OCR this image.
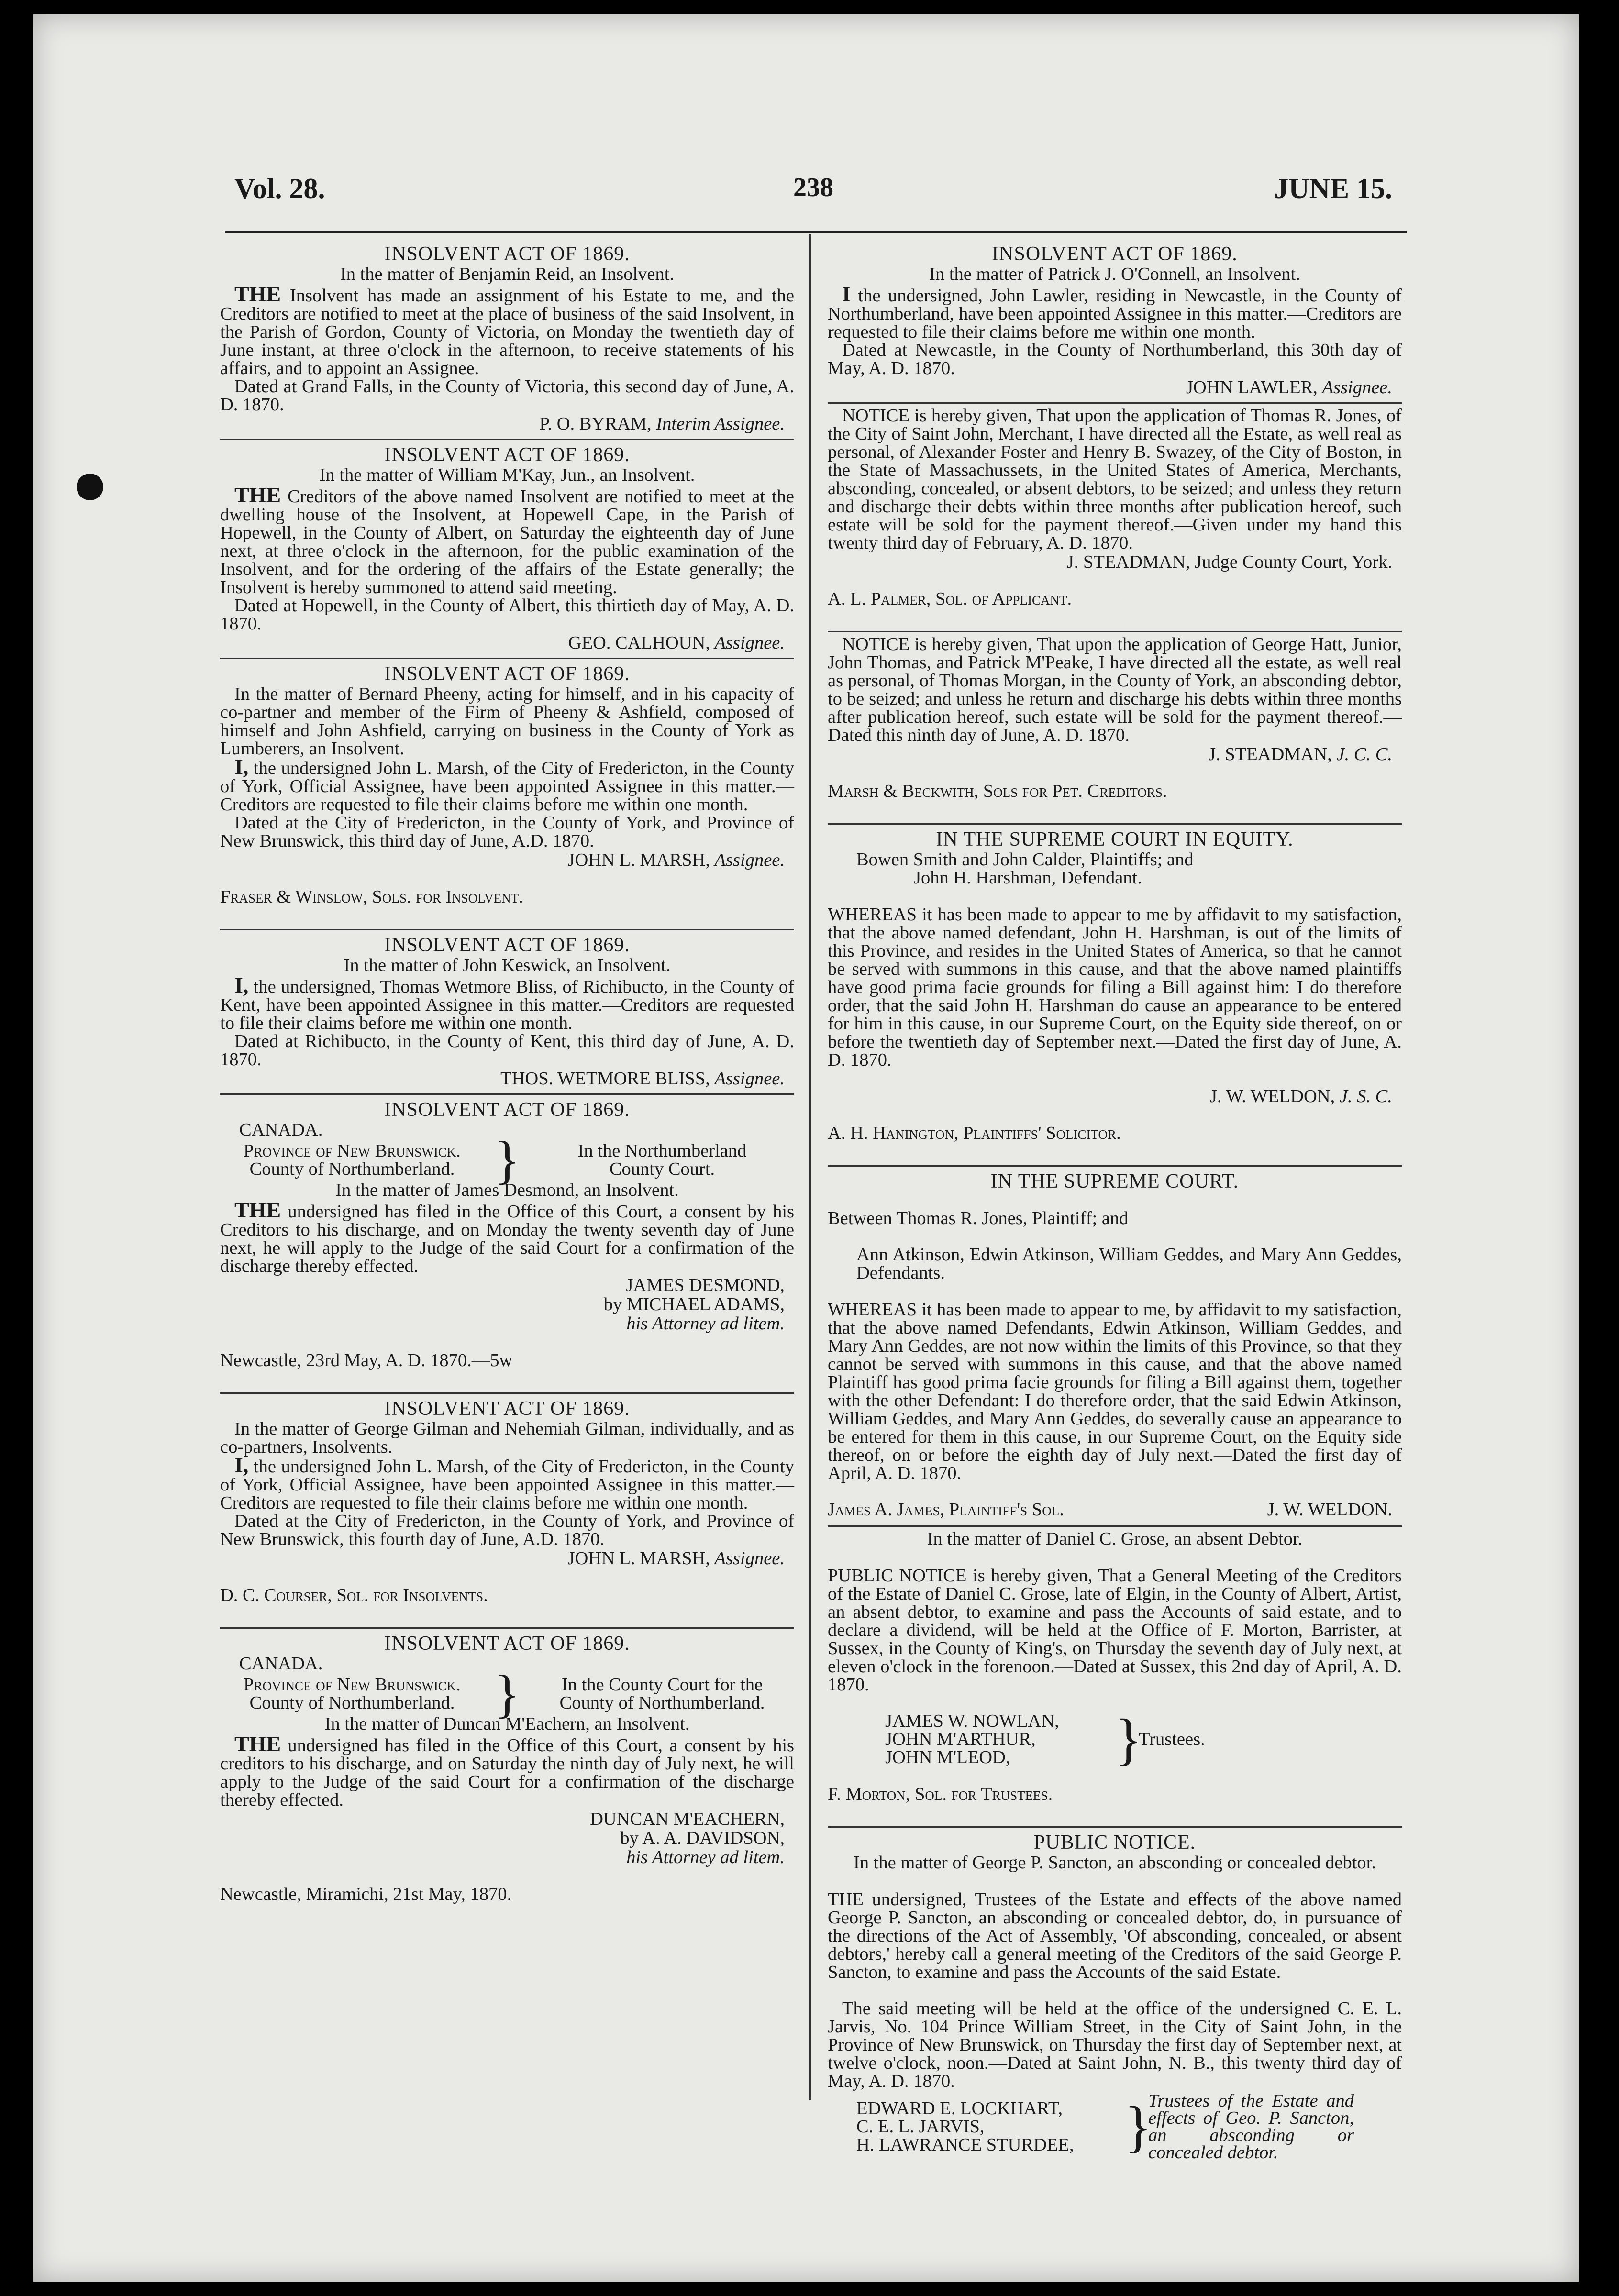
Vol. 28.	238	JUNE 15.
INSOLVENT ACT OF 1869.
In the matter of Benjamin Reid, an Insolvent.

THE Insolvent has made an assignment of his Estate to me, and the Creditors are notified to meet at the place of business of the said Insolvent, in the Parish of Gordon, County of Victoria, on Monday the twentieth day of June instant, at three o'clock in the afternoon, to receive statements of his affairs, and to appoint an Assignee.

Dated at Grand Falls, in the County of Victoria, this second day of June, A. D. 1870.

P. O. BYRAM, Interim Assignee.

INSOLVENT ACT OF 1869.
In the matter of William M'Kay, Jun., an Insolvent.

THE Creditors of the above named Insolvent are notified to meet at the dwelling house of the Insolvent, at Hopewell Cape, in the Parish of Hopewell, in the County of Albert, on Saturday the eighteenth day of June next, at three o'clock in the afternoon, for the public examination of the Insolvent, and for the ordering of the affairs of the Estate generally; the Insolvent is hereby summoned to attend said meeting.

Dated at Hopewell, in the County of Albert, this thirtieth day of May, A. D. 1870.

GEO. CALHOUN, Assignee.

INSOLVENT ACT OF 1869.

In the matter of Bernard Pheeny, acting for himself, and in his capacity of co-partner and member of the Firm of Pheeny & Ashfield, composed of himself and John Ashfield, carrying on business in the County of York as Lumberers, an Insolvent.

I, the undersigned John L. Marsh, of the City of Fredericton, in the County of York, Official Assignee, have been appointed Assignee in this matter.—Creditors are requested to file their claims before me within one month.

Dated at the City of Fredericton, in the County of York, and Province of New Brunswick, this third day of June, A.D. 1870.

JOHN L. MARSH, Assignee.

Fraser & Winslow, Sols. for Insolvent.

INSOLVENT ACT OF 1869.
In the matter of John Keswick, an Insolvent.

I, the undersigned, Thomas Wetmore Bliss, of Richibucto, in the County of Kent, have been appointed Assignee in this matter.—Creditors are requested to file their claims before me within one month.

Dated at Richibucto, in the County of Kent, this third day of June, A. D. 1870.

THOS. WETMORE BLISS, Assignee.

INSOLVENT ACT OF 1869.
CANADA.
Province of New Brunswick.
County of Northumberland. }	In the Northumberland
County Court.
In the matter of James Desmond, an Insolvent.

THE undersigned has filed in the Office of this Court, a consent by his Creditors to his discharge, and on Monday the twenty seventh day of June next, he will apply to the Judge of the said Court for a confirmation of the discharge thereby effected.

JAMES DESMOND,

by MICHAEL ADAMS,

his Attorney ad litem.

Newcastle, 23rd May, A. D. 1870.—5w

INSOLVENT ACT OF 1869.

In the matter of George Gilman and Nehemiah Gilman, individually, and as co-partners, Insolvents.

I, the undersigned John L. Marsh, of the City of Fredericton, in the County of York, Official Assignee, have been appointed Assignee in this matter.—Creditors are requested to file their claims before me within one month.

Dated at the City of Fredericton, in the County of York, and Province of New Brunswick, this fourth day of June, A.D. 1870.

JOHN L. MARSH, Assignee.

D. C. Courser, Sol. for Insolvents.

INSOLVENT ACT OF 1869.
CANADA.
Province of New Brunswick.
County of Northumberland. }	In the County Court for the
County of Northumberland.
In the matter of Duncan M'Eachern, an Insolvent.

THE undersigned has filed in the Office of this Court, a consent by his creditors to his discharge, and on Saturday the ninth day of July next, he will apply to the Judge of the said Court for a confirmation of the discharge thereby effected.

DUNCAN M'EACHERN,

by A. A. DAVIDSON,

his Attorney ad litem.

Newcastle, Miramichi, 21st May, 1870.

INSOLVENT ACT OF 1869.
In the matter of Patrick J. O'Connell, an Insolvent.

I the undersigned, John Lawler, residing in Newcastle, in the County of Northumberland, have been appointed Assignee in this matter.—Creditors are requested to file their claims before me within one month.

Dated at Newcastle, in the County of Northumberland, this 30th day of May, A. D. 1870.

JOHN LAWLER, Assignee.

NOTICE is hereby given, That upon the application of Thomas R. Jones, of the City of Saint John, Merchant, I have directed all the Estate, as well real as personal, of Alexander Foster and Henry B. Swazey, of the City of Boston, in the State of Massachussets, in the United States of America, Merchants, absconding, concealed, or absent debtors, to be seized; and unless they return and discharge their debts within three months after publication hereof, such estate will be sold for the payment thereof.—Given under my hand this twenty third day of February, A. D. 1870.

J. STEADMAN, Judge County Court, York.

A. L. Palmer, Sol. of Applicant.

NOTICE is hereby given, That upon the application of George Hatt, Junior, John Thomas, and Patrick M'Peake, I have directed all the estate, as well real as personal, of Thomas Morgan, in the County of York, an absconding debtor, to be seized; and unless he return and discharge his debts within three months after publication hereof, such estate will be sold for the payment thereof.—Dated this ninth day of June, A. D. 1870.

J. STEADMAN, J. C. C.

Marsh & Beckwith, Sols for Pet. Creditors.

IN THE SUPREME COURT IN EQUITY.

Bowen Smith and John Calder, Plaintiffs; and

John H. Harshman, Defendant.

WHEREAS it has been made to appear to me by affidavit to my satisfaction, that the above named defendant, John H. Harshman, is out of the limits of this Province, and resides in the United States of America, so that he cannot be served with summons in this cause, and that the above named plaintiffs have good prima facie grounds for filing a Bill against him: I do therefore order, that the said John H. Harshman do cause an appearance to be entered for him in this cause, in our Supreme Court, on the Equity side thereof, on or before the twentieth day of September next.—Dated the first day of June, A. D. 1870.

J. W. WELDON, J. S. C.

A. H. Hanington, Plaintiffs' Solicitor.

IN THE SUPREME COURT.

Between Thomas R. Jones, Plaintiff; and

Ann Atkinson, Edwin Atkinson, William Geddes, and Mary Ann Geddes, Defendants.

WHEREAS it has been made to appear to me, by affidavit to my satisfaction, that the above named Defendants, Edwin Atkinson, William Geddes, and Mary Ann Geddes, are not now within the limits of this Province, so that they cannot be served with summons in this cause, and that the above named Plaintiff has good prima facie grounds for filing a Bill against them, together with the other Defendant: I do therefore order, that the said Edwin Atkinson, William Geddes, and Mary Ann Geddes, do severally cause an appearance to be entered for them in this cause, in our Supreme Court, on the Equity side thereof, on or before the eighth day of July next.—Dated the first day of April, A. D. 1870.

James A. James, Plaintiff's Sol.	J. W. WELDON.

In the matter of Daniel C. Grose, an absent Debtor.

PUBLIC NOTICE is hereby given, That a General Meeting of the Creditors of the Estate of Daniel C. Grose, late of Elgin, in the County of Albert, Artist, an absent debtor, to examine and pass the Accounts of said estate, and to declare a dividend, will be held at the Office of F. Morton, Barrister, at Sussex, in the County of King's, on Thursday the seventh day of July next, at eleven o'clock in the forenoon.—Dated at Sussex, this 2nd day of April, A. D. 1870.

JAMES W. NOWLAN,
JOHN M'ARTHUR,
JOHN M'LEOD,	}
Trustees.

F. Morton, Sol. for Trustees.

PUBLIC NOTICE.
In the matter of George P. Sancton, an absconding or concealed debtor.

THE undersigned, Trustees of the Estate and effects of the above named George P. Sancton, an absconding or concealed debtor, do, in pursuance of the directions of the Act of Assembly, 'Of absconding, concealed, or absent debtors,' hereby call a general meeting of the Creditors of the said George P. Sancton, to examine and pass the Accounts of the said Estate.

The said meeting will be held at the office of the undersigned C. E. L. Jarvis, No. 104 Prince William Street, in the City of Saint John, in the Province of New Brunswick, on Thursday the first day of September next, at twelve o'clock, noon.—Dated at Saint John, N. B., this twenty third day of May, A. D. 1870.

EDWARD E. LOCKHART,
C. E. L. JARVIS,
H. LAWRANCE STURDEE, }
Trustees of the Estate and effects of Geo. P. Sancton, an absconding or concealed debtor.
